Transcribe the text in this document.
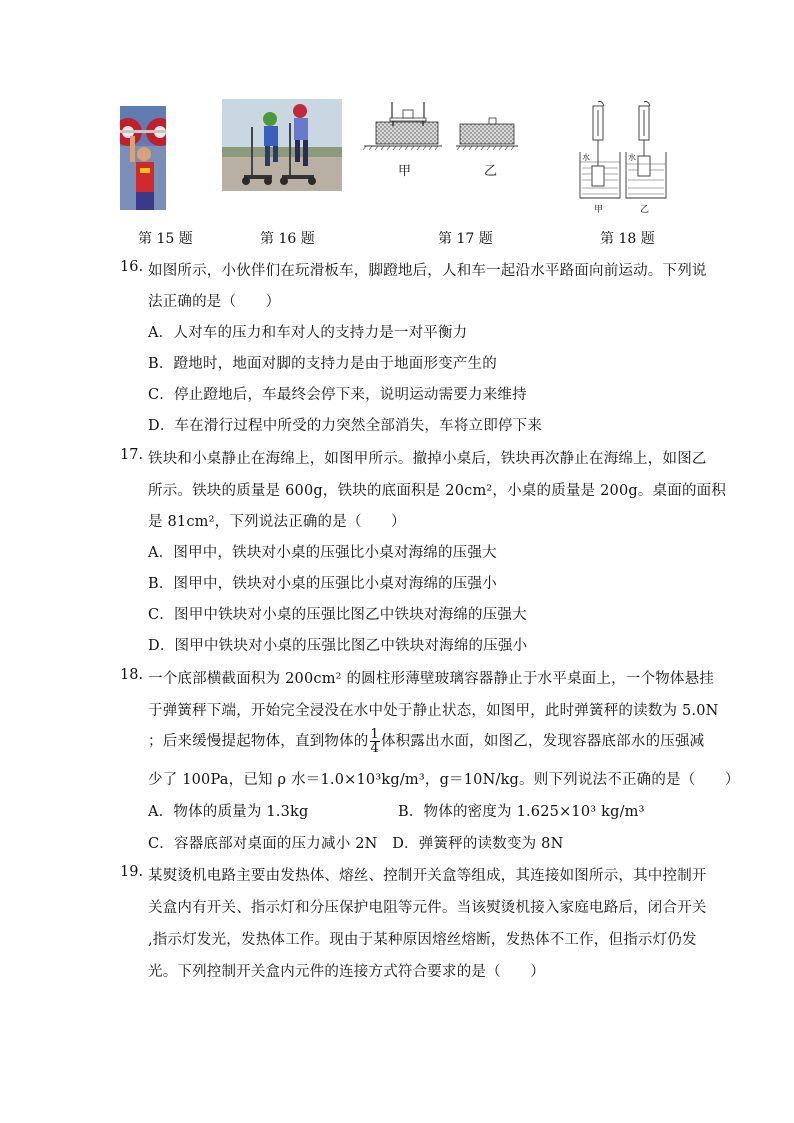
甲	乙
水	水
甲	乙
第 15 题	第 16 题	第 17 题	第 18 题
16. 如图所示，小伙伴们在玩滑板车，脚蹬地后，人和车一起沿水平路面向前运动。下列说
法正确的是（　　）
A．人对车的压力和车对人的支持力是一对平衡力
B．蹬地时，地面对脚的支持力是由于地面形变产生的
C．停止蹬地后，车最终会停下来，说明运动需要力来维持
D．车在滑行过程中所受的力突然全部消失，车将立即停下来
17. 铁块和小桌静止在海绵上，如图甲所示。撤掉小桌后，铁块再次静止在海绵上，如图乙
所示。铁块的质量是 600g，铁块的底面积是 20cm²，小桌的质量是 200g。桌面的面积
是 81cm²，下列说法正确的是（　　）
A．图甲中，铁块对小桌的压强比小桌对海绵的压强大
B．图甲中，铁块对小桌的压强比小桌对海绵的压强小
C．图甲中铁块对小桌的压强比图乙中铁块对海绵的压强大
D．图甲中铁块对小桌的压强比图乙中铁块对海绵的压强小
18. 一个底部横截面积为 200cm² 的圆柱形薄壁玻璃容器静止于水平桌面上，一个物体悬挂
于弹簧秤下端，开始完全浸没在水中处于静止状态，如图甲，此时弹簧秤的读数为 5.0N
；后来缓慢提起物体，直到物体的 $\frac{1}{4}$ 体积露出水面，如图乙，发现容器底部水的压强减
少了 100Pa，已知 ρ 水＝1.0×10³kg/m³，g＝10N/kg。则下列说法不正确的是（　　）
A．物体的质量为 1.3kg	B．物体的密度为 1.625×10³ kg/m³
C．容器底部对桌面的压力减小 2N　D．弹簧秤的读数变为 8N
19. 某熨烫机电路主要由发热体、熔丝、控制开关盒等组成，其连接如图所示，其中控制开
关盒内有开关、指示灯和分压保护电阻等元件。当该熨烫机接入家庭电路后，闭合开关
,指示灯发光，发热体工作。现由于某种原因熔丝熔断，发热体不工作，但指示灯仍发
光。下列控制开关盒内元件的连接方式符合要求的是（　　）
